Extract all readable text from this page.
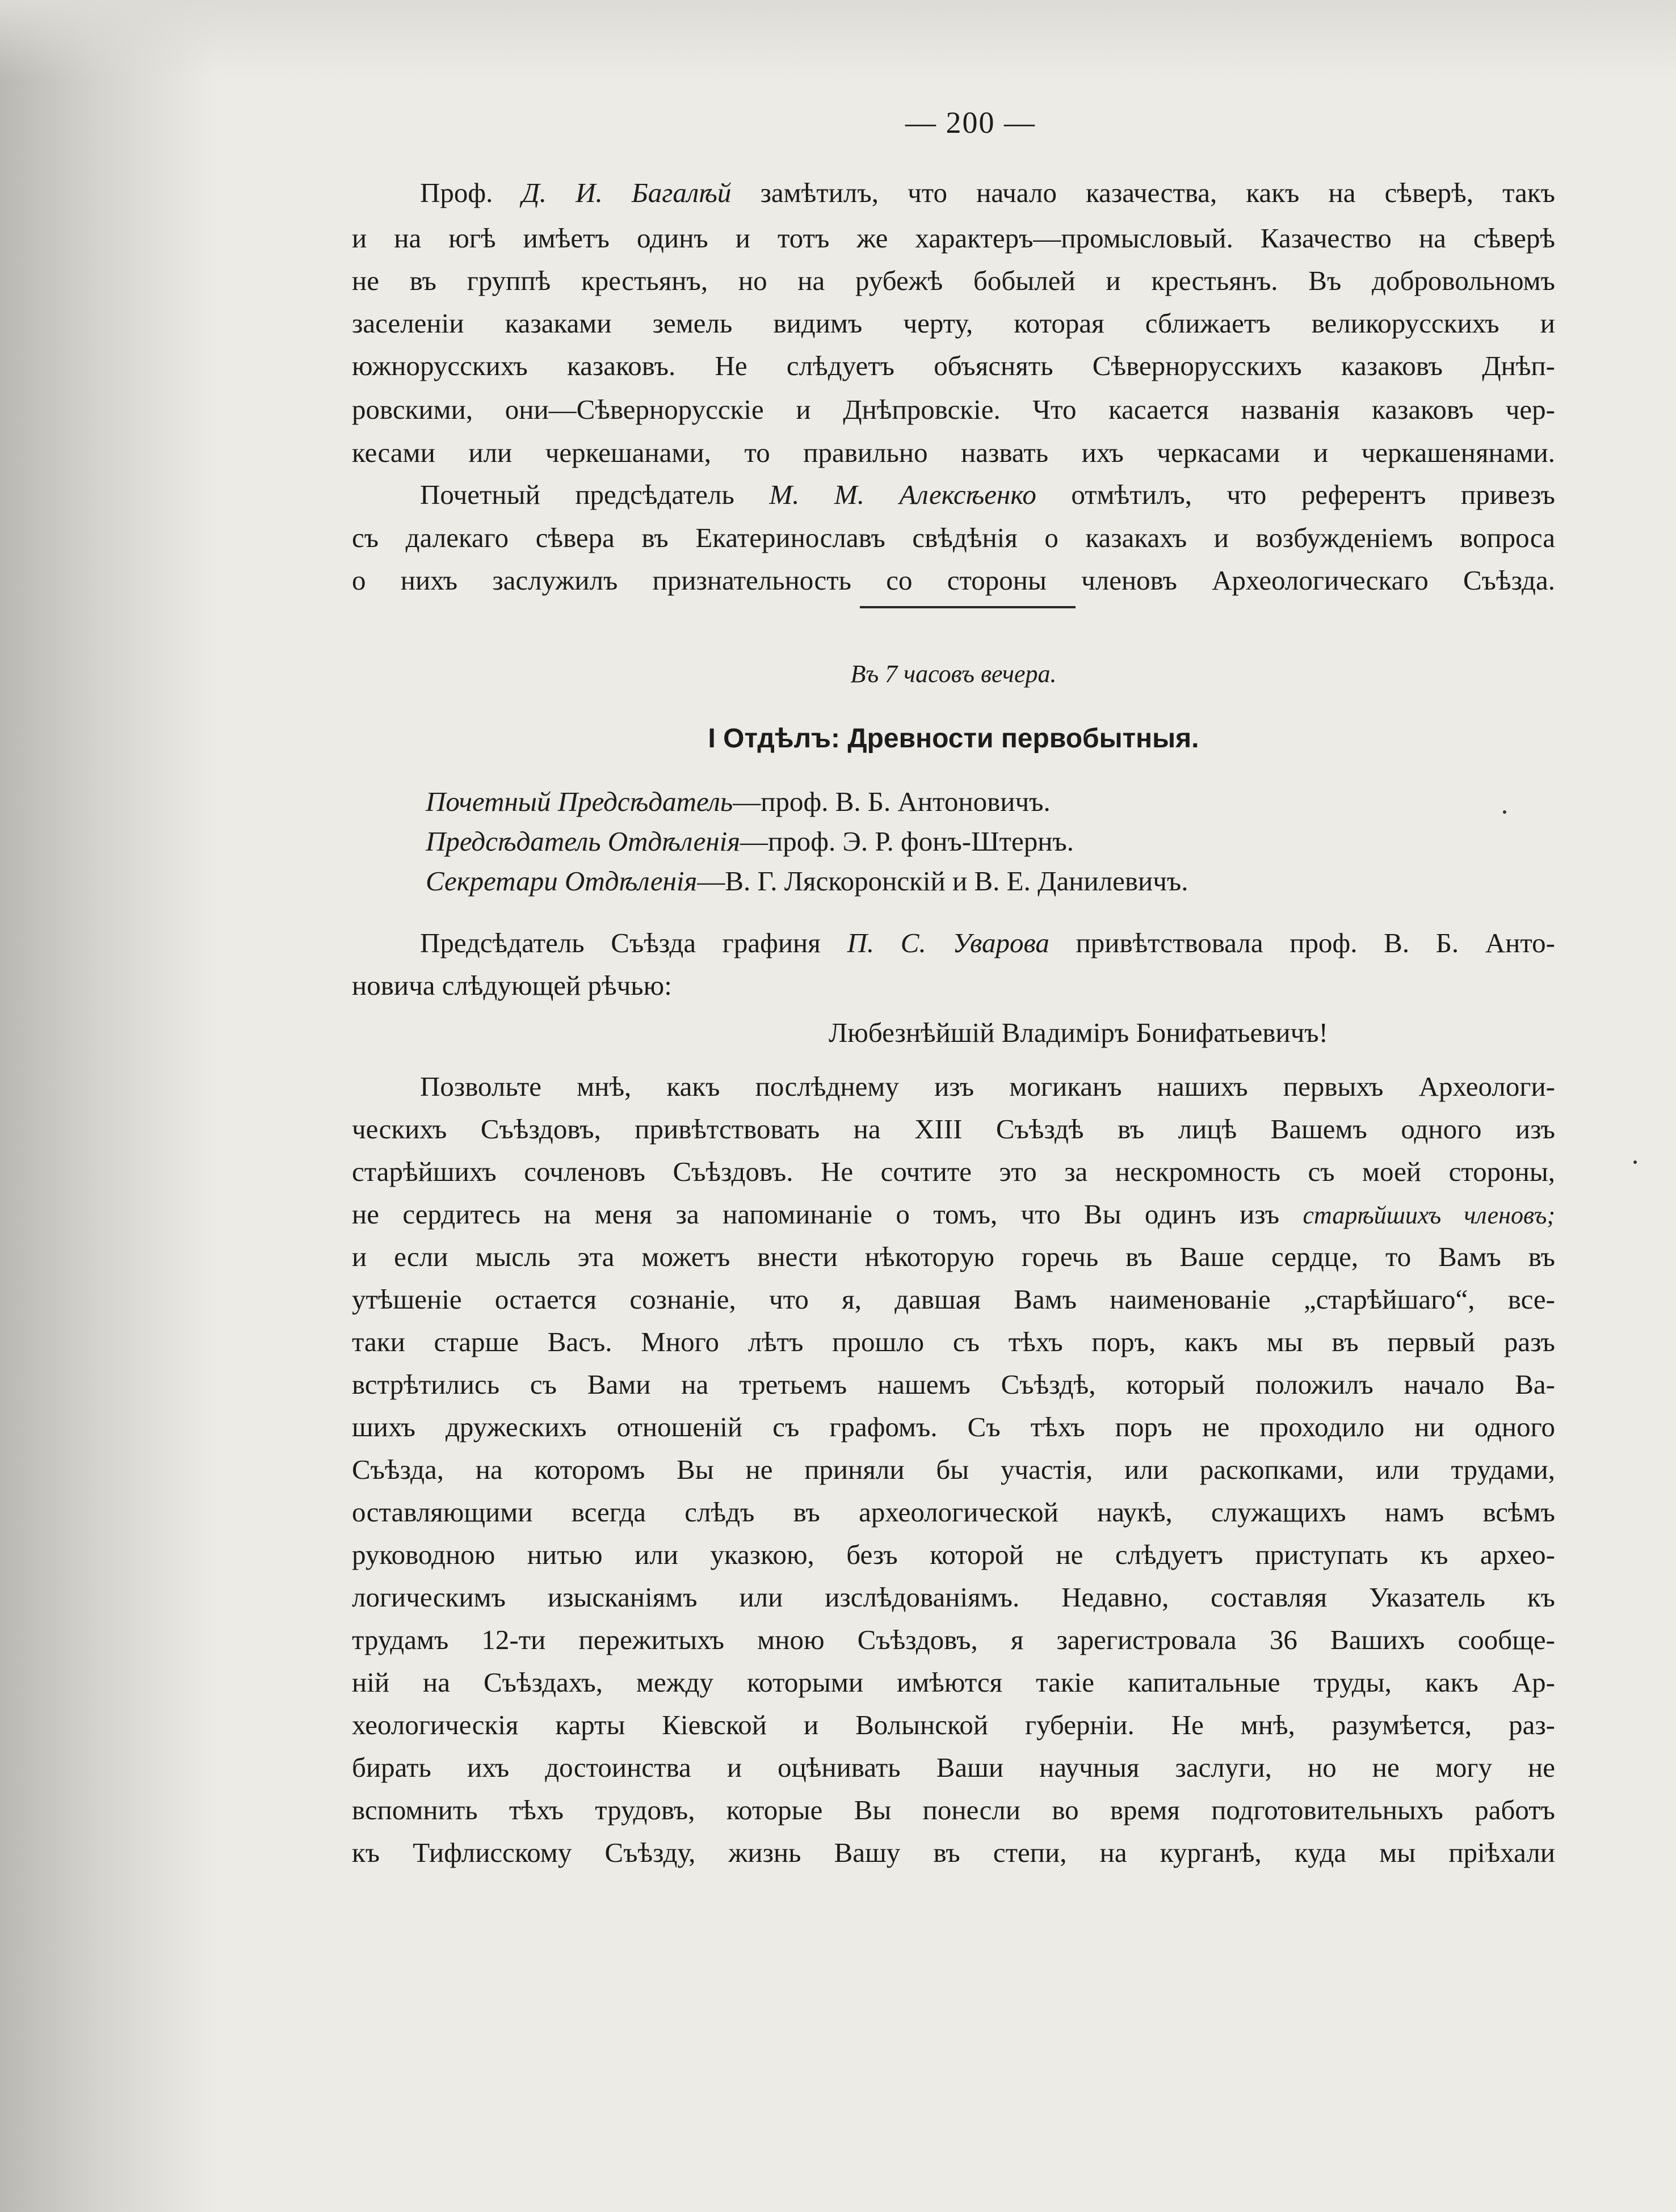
— 200 —
Проф. Д. И. Багалѣй замѣтилъ, что начало казачества, какъ на сѣверѣ, такъ
и на югѣ имѣетъ одинъ и тотъ же характеръ—промысловый. Казачество на сѣверѣ
не въ группѣ крестьянъ, но на рубежѣ бобылей и крестьянъ. Въ добровольномъ
заселеніи казаками земель видимъ черту, которая сближаетъ великорусскихъ и
южнорусскихъ казаковъ. Не слѣдуетъ объяснять Сѣвернорусскихъ казаковъ Днѣп-
ровскими, они—Сѣвернорусскіе и Днѣпровскіе. Что касается названія казаковъ чер-
кесами или черкешанами, то правильно назвать ихъ черкасами и черкашенянами.
Почетный предсѣдатель М. М. Алексѣенко отмѣтилъ, что референтъ привезъ
съ далекаго сѣвера въ Екатеринославъ свѣдѣнія о казакахъ и возбужденіемъ вопроса
о нихъ заслужилъ признательность со стороны членовъ Археологическаго Съѣзда.
Въ 7 часовъ вечера.
I Отдѣлъ: Древности первобытныя.
Почетный Предсѣдатель—проф. В. Б. Антоновичъ.
Предсѣдатель Отдѣленія—проф. Э. Р. фонъ-Штернъ.
Секретари Отдѣленія—В. Г. Ляскоронскій и В. Е. Данилевичъ.
Предсѣдатель Съѣзда графиня П. С. Уварова привѣтствовала проф. В. Б. Анто-
новича слѣдующей рѣчью:
Любезнѣйшій Владиміръ Бонифатьевичъ!
Позвольте мнѣ, какъ послѣднему изъ могиканъ нашихъ первыхъ Археологи-
ческихъ Съѣздовъ, привѣтствовать на XIII Съѣздѣ въ лицѣ Вашемъ одного изъ
старѣйшихъ сочленовъ Съѣздовъ. Не сочтите это за нескромность съ моей стороны,
не сердитесь на меня за напоминаніе о томъ, что Вы одинъ изъ старѣйшихъ членовъ;
и если мысль эта можетъ внести нѣкоторую горечь въ Ваше сердце, то Вамъ въ
утѣшеніе остается сознаніе, что я, давшая Вамъ наименованіе „старѣйшаго“, все-
таки старше Васъ. Много лѣтъ прошло съ тѣхъ поръ, какъ мы въ первый разъ
встрѣтились съ Вами на третьемъ нашемъ Съѣздѣ, который положилъ начало Ва-
шихъ дружескихъ отношеній съ графомъ. Съ тѣхъ поръ не проходило ни одного
Съѣзда, на которомъ Вы не приняли бы участія, или раскопками, или трудами,
оставляющими всегда слѣдъ въ археологической наукѣ, служащихъ намъ всѣмъ
руководною нитью или указкою, безъ которой не слѣдуетъ приступать къ архео-
логическимъ изысканіямъ или изслѣдованіямъ. Недавно, составляя Указатель къ
трудамъ 12-ти пережитыхъ мною Съѣздовъ, я зарегистровала 36 Вашихъ сообще-
ній на Съѣздахъ, между которыми имѣются такіе капитальные труды, какъ Ар-
хеологическія карты Кіевской и Волынской губерніи. Не мнѣ, разумѣется, раз-
бирать ихъ достоинства и оцѣнивать Ваши научныя заслуги, но не могу не
вспомнить тѣхъ трудовъ, которые Вы понесли во время подготовительныхъ работъ
къ Тифлисскому Съѣзду, жизнь Вашу въ степи, на курганѣ, куда мы пріѣхали
